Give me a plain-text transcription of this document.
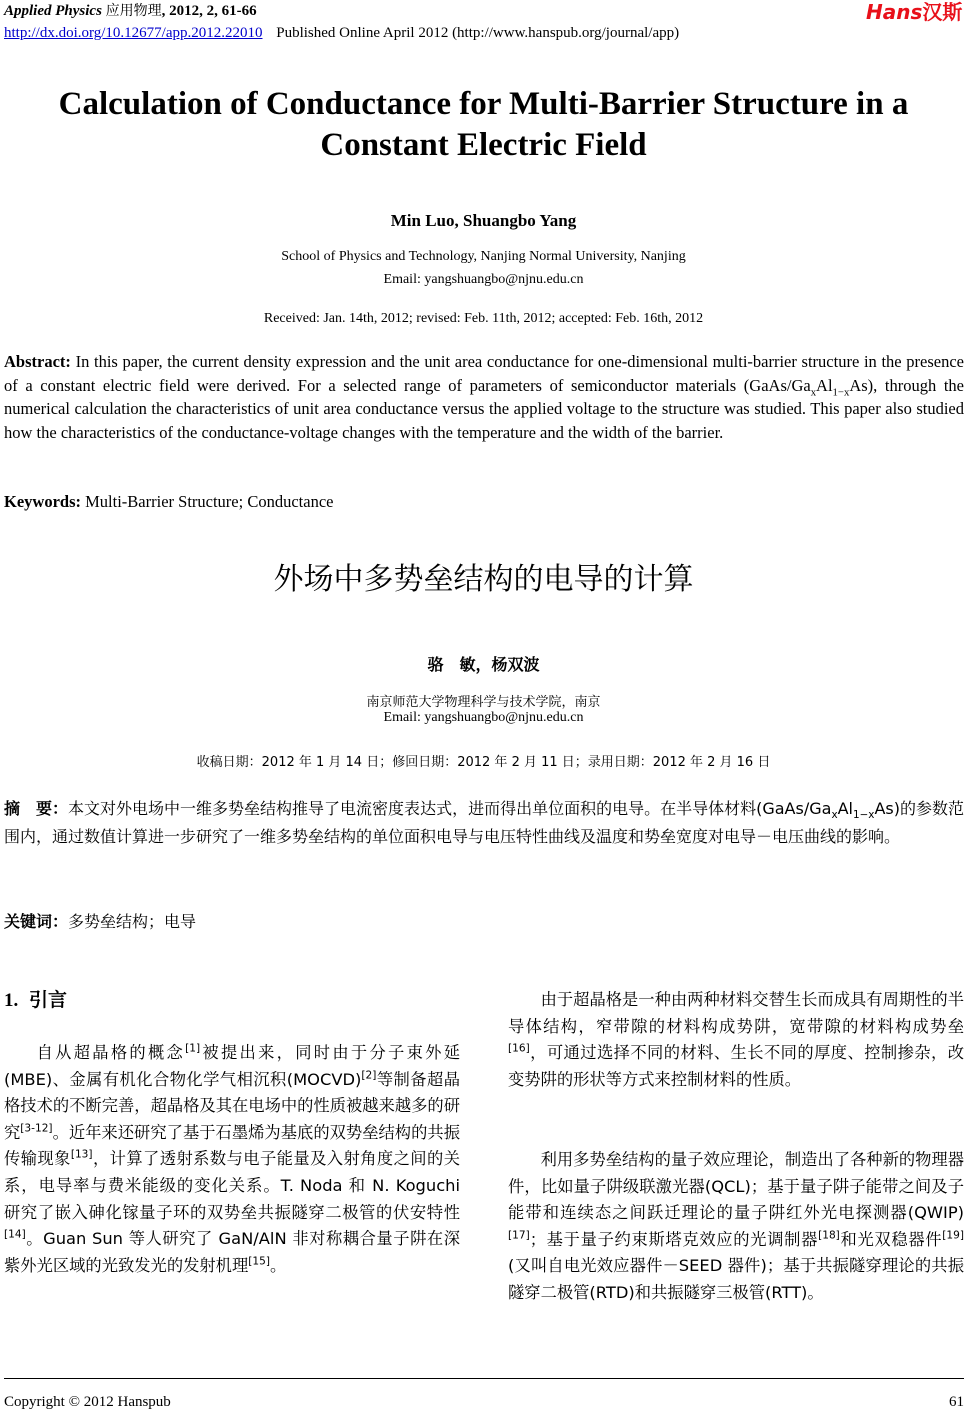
Applied Physics 应用物理, 2012, 2, 61-66
http://dx.doi.org/10.12677/app.2012.22010 Published Online April 2012 (http://www.hanspub.org/journal/app)
Hans汉斯
Calculation of Conductance for Multi-Barrier Structure in a
Constant Electric Field
Min Luo, Shuangbo Yang
School of Physics and Technology, Nanjing Normal University, Nanjing
Email: yangshuangbo@njnu.edu.cn
Received: Jan. 14th, 2012; revised: Feb. 11th, 2012; accepted: Feb. 16th, 2012
Abstract: In this paper, the current density expression and the unit area conductance for one-dimensional multi-barrier structure in the presence of a constant electric field were derived. For a selected range of parameters of semiconductor materials $(GaAs/Ga_xAl_{1-x}As)$, through the numerical calculation the characteristics of unit area conductance versus the applied voltage to the structure was studied. This paper also studied how the characteristics of the conductance-voltage changes with the temperature and the width of the barrier.
Keywords: Multi-Barrier Structure; Conductance
外场中多势垒结构的电导的计算
骆　敏，杨双波
南京师范大学物理科学与技术学院，南京
Email: yangshuangbo@njnu.edu.cn
收稿日期：2012 年 1 月 14 日；修回日期：2012 年 2 月 11 日；录用日期：2012 年 2 月 16 日
摘　要：本文对外电场中一维多势垒结构推导了电流密度表达式，进而得出单位面积的电导。在半导体材料$(GaAs/Ga_xAl_{1-x}As)$的参数范围内，通过数值计算进一步研究了一维多势垒结构的单位面积电导与电压特性曲线及温度和势垒宽度对电导－电压曲线的影响。
关键词：多势垒结构；电导
1. 引言
自从超晶格的概念[1]被提出来，同时由于分子束外延(MBE)、金属有机化合物化学气相沉积(MOCVD)[2]等制备超晶格技术的不断完善，超晶格及其在电场中的性质被越来越多的研究[3-12]。近年来还研究了基于石墨烯为基底的双势垒结构的共振传输现象[13]，计算了透射系数与电子能量及入射角度之间的关系，电导率与费米能级的变化关系。T. Noda 和 N. Koguchi 研究了嵌入砷化镓量子环的双势垒共振隧穿二极管的伏安特性[14]。Guan Sun 等人研究了 GaN/AlN 非对称耦合量子阱在深紫外光区域的光致发光的发射机理[15]。
由于超晶格是一种由两种材料交替生长而成具有周期性的半导体结构，窄带隙的材料构成势阱，宽带隙的材料构成势垒[16]，可通过选择不同的材料、生长不同的厚度、控制掺杂，改变势阱的形状等方式来控制材料的性质。
利用多势垒结构的量子效应理论，制造出了各种新的物理器件，比如量子阱级联激光器(QCL)；基于量子阱子能带之间及子能带和连续态之间跃迁理论的量子阱红外光电探测器(QWIP)[17]；基于量子约束斯塔克效应的光调制器[18]和光双稳器件[19](又叫自电光效应器件－SEED 器件)；基于共振隧穿理论的共振隧穿二极管(RTD)和共振隧穿三极管(RTT)。
Copyright © 2012 Hanspub	61
